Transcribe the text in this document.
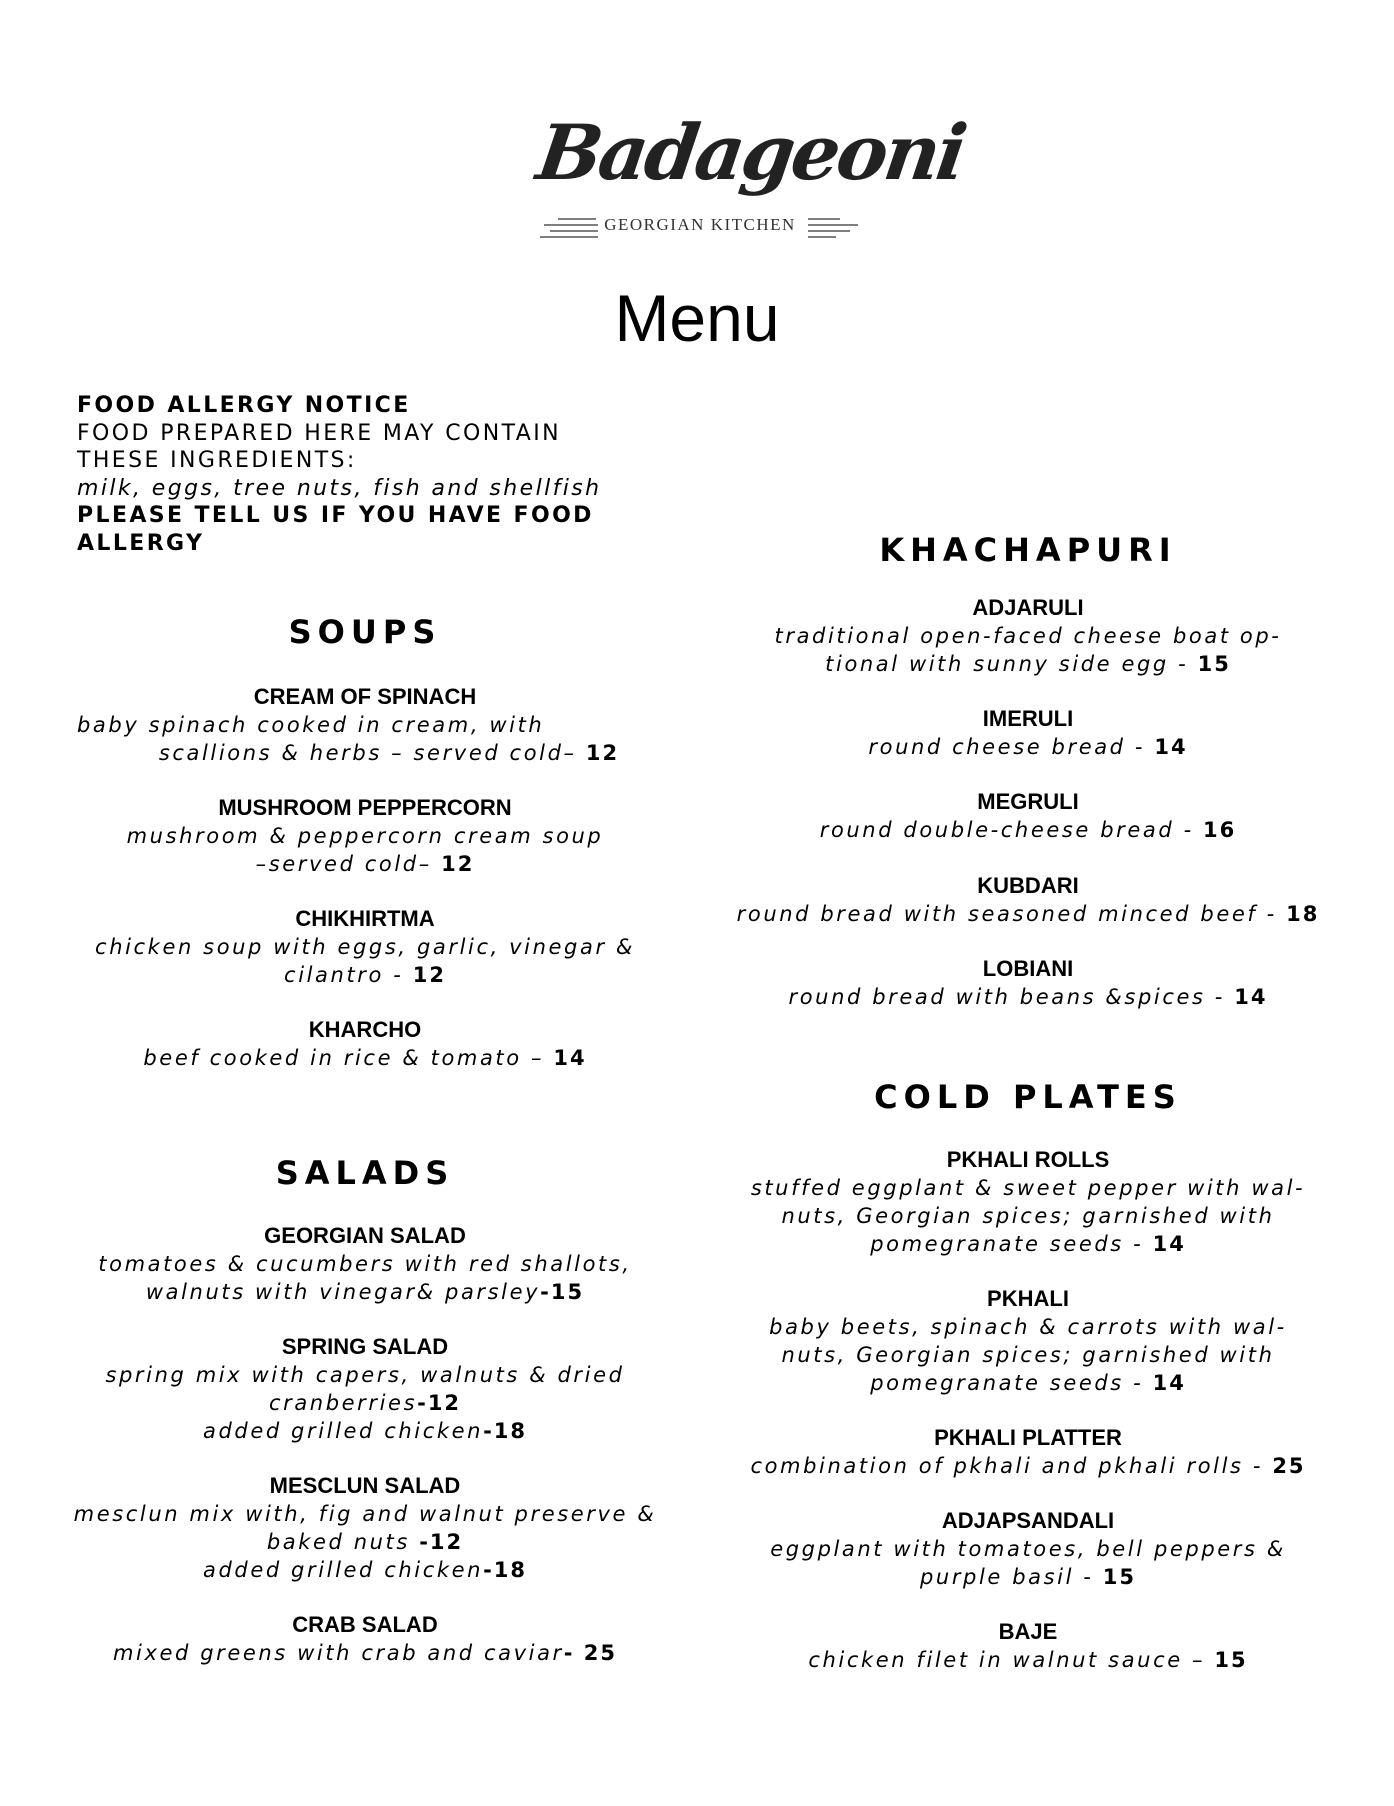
Badageoni
GEORGIAN KITCHEN
Menu
FOOD ALLERGY NOTICE
FOOD PREPARED HERE MAY CONTAIN
THESE INGREDIENTS:
milk, eggs, tree nuts, fish and shellfish
PLEASE TELL US IF YOU HAVE FOOD
ALLERGY
SOUPS
CREAM OF SPINACH
baby spinach cooked in cream, with
scallions & herbs – served cold– 12
MUSHROOM PEPPERCORN
mushroom & peppercorn cream soup
–served cold– 12
CHIKHIRTMA
chicken soup with eggs, garlic, vinegar &
cilantro - 12
KHARCHO
beef cooked in rice & tomato – 14
SALADS
GEORGIAN SALAD
tomatoes & cucumbers with red shallots,
walnuts with vinegar& parsley-15
SPRING SALAD
spring mix with capers, walnuts & dried
cranberries-12
added grilled chicken-18
MESCLUN SALAD
mesclun mix with, fig and walnut preserve &
baked nuts -12
added grilled chicken-18
CRAB SALAD
mixed greens with crab and caviar- 25
KHACHAPURI
ADJARULI
traditional open-faced cheese boat op-
tional with sunny side egg - 15
IMERULI
round cheese bread - 14
MEGRULI
round double-cheese bread - 16
KUBDARI
round bread with seasoned minced beef - 18
LOBIANI
round bread with beans &spices - 14
COLD PLATES
PKHALI ROLLS
stuffed eggplant & sweet pepper with wal-
nuts, Georgian spices; garnished with
pomegranate seeds - 14
PKHALI
baby beets, spinach & carrots with wal-
nuts, Georgian spices; garnished with
pomegranate seeds - 14
PKHALI PLATTER
combination of pkhali and pkhali rolls - 25
ADJAPSANDALI
eggplant with tomatoes, bell peppers &
purple basil - 15
BAJE
chicken filet in walnut sauce – 15
